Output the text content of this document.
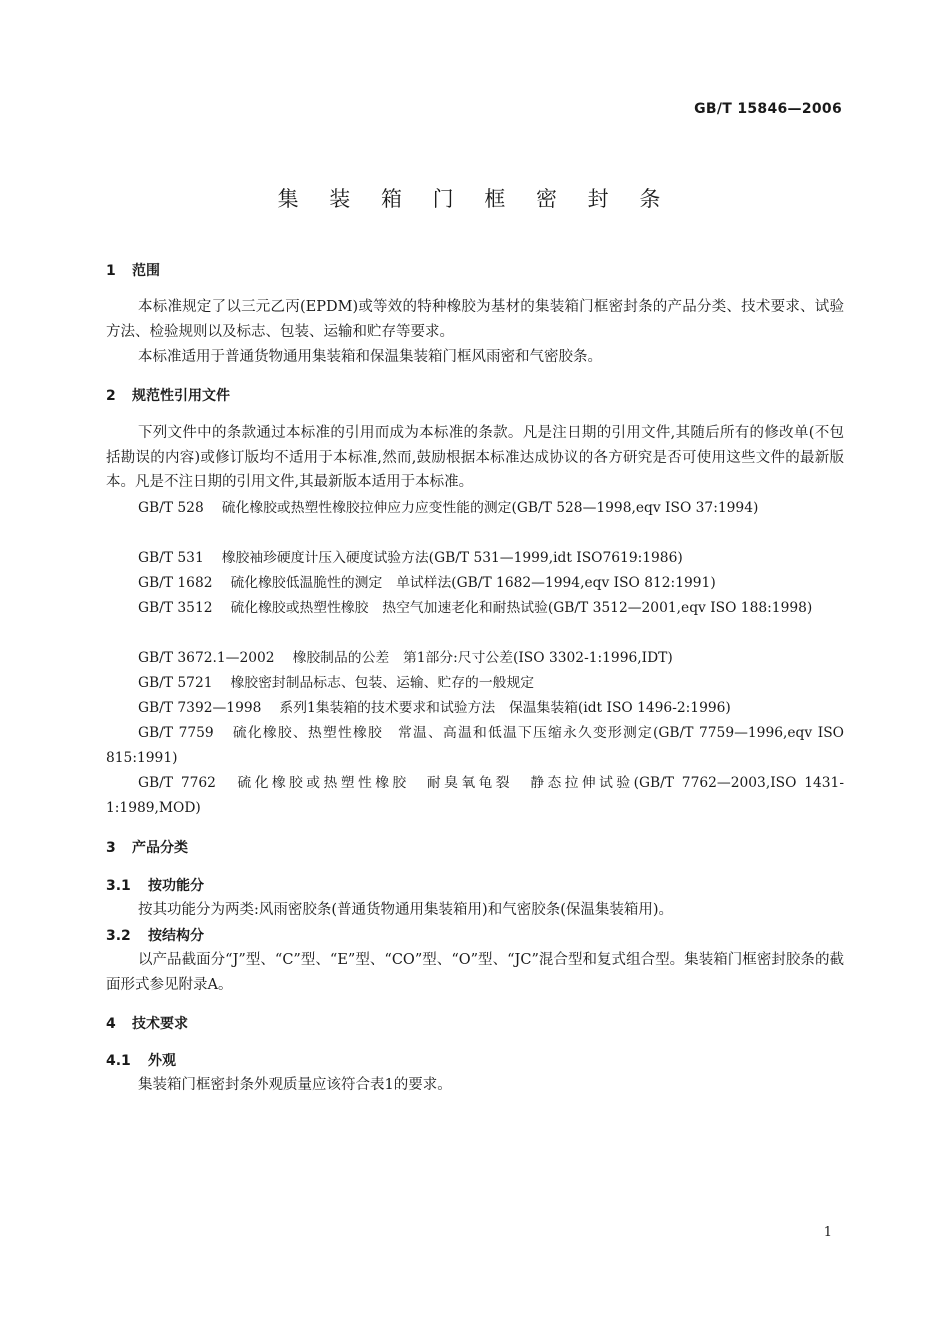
GB/T 15846—2006
集 装 箱 门 框 密 封 条
1 范围
本标准规定了以三元乙丙(EPDM)或等效的特种橡胶为基材的集装箱门框密封条的产品分类、技术要求、试验方法、检验规则以及标志、包装、运输和贮存等要求。
本标准适用于普通货物通用集装箱和保温集装箱门框风雨密和气密胶条。
2 规范性引用文件
下列文件中的条款通过本标准的引用而成为本标准的条款。凡是注日期的引用文件,其随后所有的修改单(不包括勘误的内容)或修订版均不适用于本标准,然而,鼓励根据本标准达成协议的各方研究是否可使用这些文件的最新版本。凡是不注日期的引用文件,其最新版本适用于本标准。
GB/T 528 硫化橡胶或热塑性橡胶拉伸应力应变性能的测定(GB/T 528—1998,eqv ISO 37:1994)
GB/T 531 橡胶袖珍硬度计压入硬度试验方法(GB/T 531—1999,idt ISO7619:1986)
GB/T 1682 硫化橡胶低温脆性的测定　单试样法(GB/T 1682—1994,eqv ISO 812:1991)
GB/T 3512 硫化橡胶或热塑性橡胶　热空气加速老化和耐热试验(GB/T 3512—2001,eqv ISO 188:1998)
GB/T 3672.1—2002 橡胶制品的公差　第1部分:尺寸公差(ISO 3302-1:1996,IDT)
GB/T 5721 橡胶密封制品标志、包装、运输、贮存的一般规定
GB/T 7392—1998 系列1集装箱的技术要求和试验方法　保温集装箱(idt ISO 1496-2:1996)
GB/T 7759 硫化橡胶、热塑性橡胶　常温、高温和低温下压缩永久变形测定(GB/T 7759—1996,eqv ISO 815:1991)
GB/T 7762 硫化橡胶或热塑性橡胶　耐臭氧龟裂　静态拉伸试验(GB/T 7762—2003,ISO 1431-1:1989,MOD)
3 产品分类
3.1 按功能分
按其功能分为两类:风雨密胶条(普通货物通用集装箱用)和气密胶条(保温集装箱用)。
3.2 按结构分
以产品截面分“J”型、“C”型、“E”型、“CO”型、“O”型、“JC”混合型和复式组合型。集装箱门框密封胶条的截面形式参见附录A。
4 技术要求
4.1 外观
集装箱门框密封条外观质量应该符合表1的要求。
1
